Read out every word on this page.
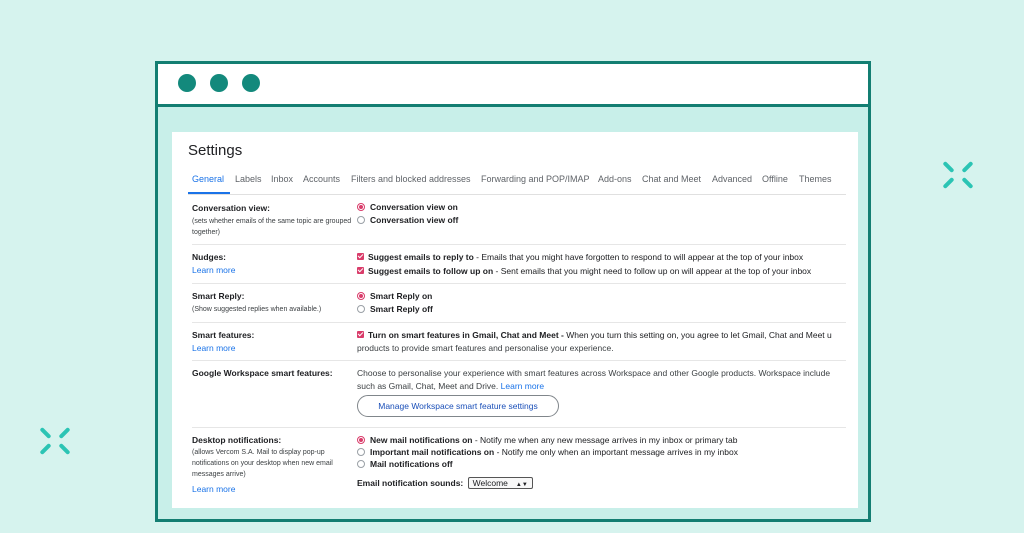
Settings
General Labels Inbox Accounts Filters and blocked addresses Forwarding and POP/IMAP Add-ons Chat and Meet Advanced Offline Themes
Conversation view:
(sets whether emails of the same topic are grouped together)
Conversation view on
Conversation view off
Nudges:
Learn more
Suggest emails to reply to - Emails that you might have forgotten to respond to will appear at the top of your inbox
Suggest emails to follow up on - Sent emails that you might need to follow up on will appear at the top of your inbox
Smart Reply:
(Show suggested replies when available.)
Smart Reply on
Smart Reply off
Smart features:
Learn more
Turn on smart features in Gmail, Chat and Meet - When you turn this setting on, you agree to let Gmail, Chat and Meet u
products to provide smart features and personalise your experience.
Google Workspace smart features:	Choose to personalise your experience with smart features across Workspace and other Google products. Workspace include
such as Gmail, Chat, Meet and Drive. Learn more
Manage Workspace smart feature settings
Desktop notifications:
(allows Vercom S.A. Mail to display pop-up notifications on your desktop when new email messages arrive)
Learn more
New mail notifications on - Notify me when any new message arrives in my inbox or primary tab
Important mail notifications on - Notify me only when an important message arrives in my inbox
Mail notifications off
Email notification sounds: Welcome ▲▼
